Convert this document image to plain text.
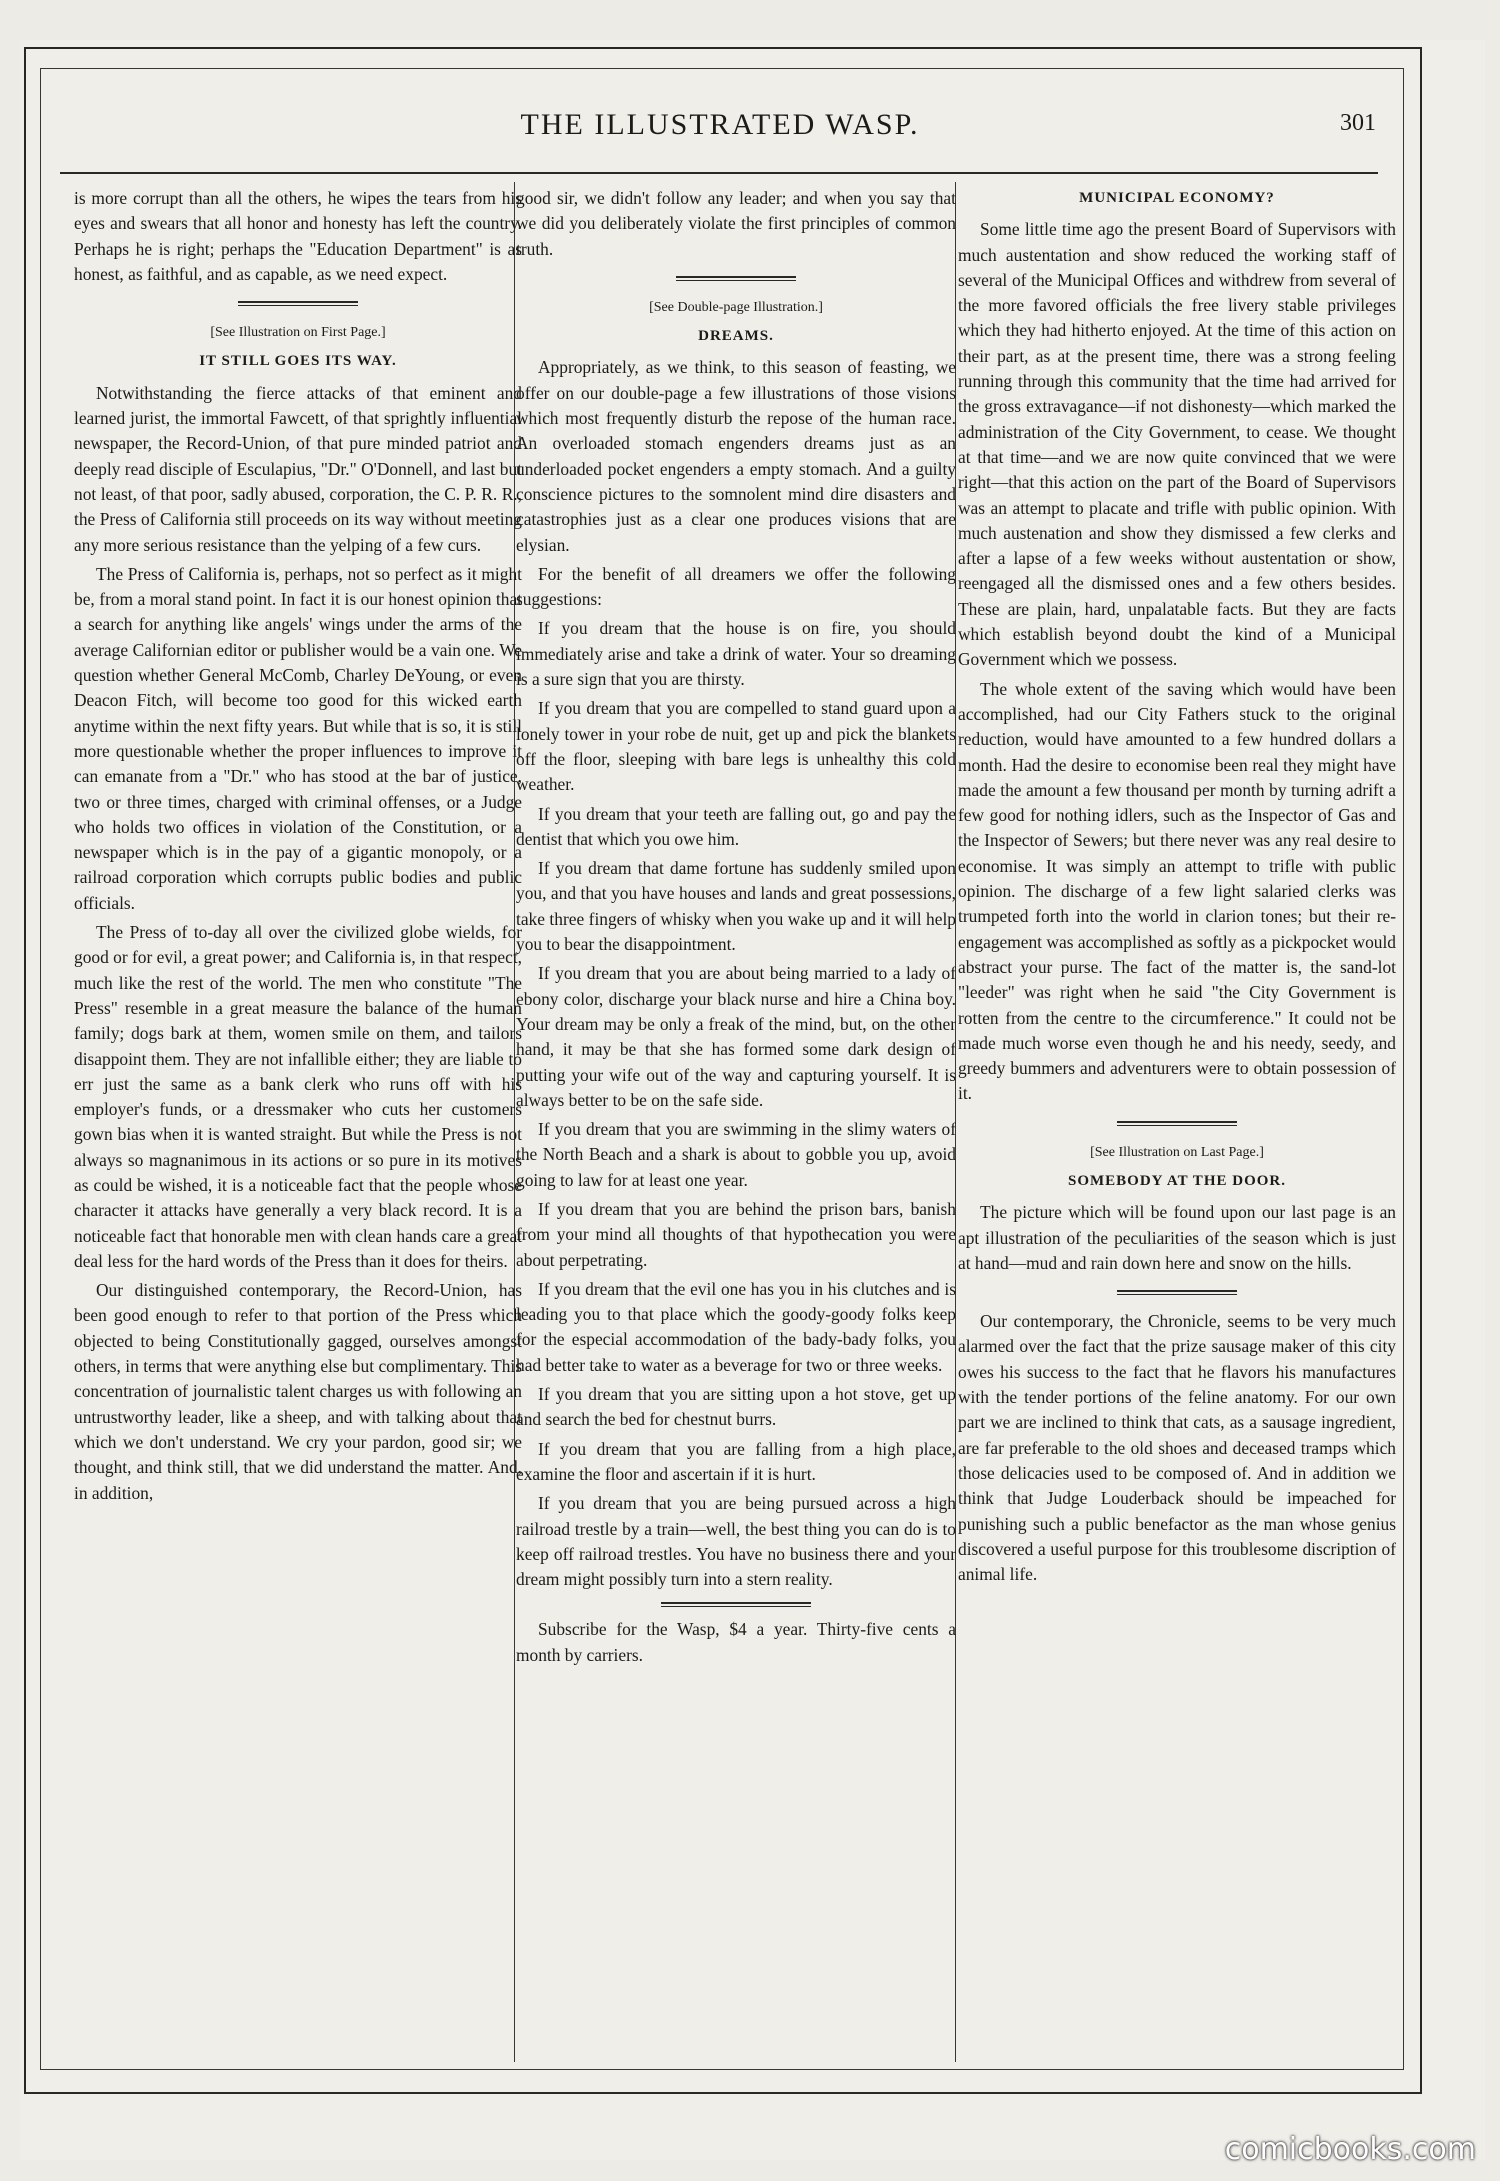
THE ILLUSTRATED WASP.	301

is more corrupt than all the others, he wipes the tears from his eyes and swears that all honor and honesty has left the country. Perhaps he is right; perhaps the "Education Department" is as honest, as faithful, and as capable, as we need expect.

[See Illustration on First Page.]
IT STILL GOES ITS WAY.

Notwithstanding the fierce attacks of that eminent and learned jurist, the immortal Fawcett, of that sprightly influential newspaper, the Record-Union, of that pure minded patriot and deeply read disciple of Esculapius, "Dr." O'Donnell, and last but not least, of that poor, sadly abused, corporation, the C. P. R. R., the Press of California still proceeds on its way without meeting any more serious resistance than the yelping of a few curs.

The Press of California is, perhaps, not so perfect as it might be, from a moral stand point. In fact it is our honest opinion that a search for anything like angels' wings under the arms of the average Californian editor or publisher would be a vain one. We question whether General McComb, Charley DeYoung, or even Deacon Fitch, will become too good for this wicked earth anytime within the next fifty years. But while that is so, it is still more questionable whether the proper influences to improve it can emanate from a "Dr." who has stood at the bar of justice, two or three times, charged with criminal offenses, or a Judge who holds two offices in violation of the Constitution, or a newspaper which is in the pay of a gigantic monopoly, or a railroad corporation which corrupts public bodies and public officials.

The Press of to-day all over the civilized globe wields, for good or for evil, a great power; and California is, in that respect, much like the rest of the world. The men who constitute "The Press" resemble in a great measure the balance of the human family; dogs bark at them, women smile on them, and tailors disappoint them. They are not infallible either; they are liable to err just the same as a bank clerk who runs off with his employer's funds, or a dressmaker who cuts her customers gown bias when it is wanted straight. But while the Press is not always so magnanimous in its actions or so pure in its motives as could be wished, it is a noticeable fact that the people whose character it attacks have generally a very black record. It is a noticeable fact that honorable men with clean hands care a great deal less for the hard words of the Press than it does for theirs.

Our distinguished contemporary, the Record-Union, has been good enough to refer to that portion of the Press which objected to being Constitutionally gagged, ourselves amongst others, in terms that were anything else but complimentary. This concentration of journalistic talent charges us with following an untrustworthy leader, like a sheep, and with talking about that which we don't understand. We cry your pardon, good sir; we thought, and think still, that we did understand the matter. And, in addition,

good sir, we didn't follow any leader; and when you say that we did you deliberately violate the first principles of common truth.

[See Double-page Illustration.]
DREAMS.

Appropriately, as we think, to this season of feasting, we offer on our double-page a few illustrations of those visions which most frequently disturb the repose of the human race. An overloaded stomach engenders dreams just as an underloaded pocket engenders a empty stomach. And a guilty conscience pictures to the somnolent mind dire disasters and catastrophies just as a clear one produces visions that are elysian.

For the benefit of all dreamers we offer the following suggestions:

If you dream that the house is on fire, you should immediately arise and take a drink of water. Your so dreaming is a sure sign that you are thirsty.

If you dream that you are compelled to stand guard upon a lonely tower in your robe de nuit, get up and pick the blankets off the floor, sleeping with bare legs is unhealthy this cold weather.

If you dream that your teeth are falling out, go and pay the dentist that which you owe him.

If you dream that dame fortune has suddenly smiled upon you, and that you have houses and lands and great possessions, take three fingers of whisky when you wake up and it will help you to bear the disappointment.

If you dream that you are about being married to a lady of ebony color, discharge your black nurse and hire a China boy. Your dream may be only a freak of the mind, but, on the other hand, it may be that she has formed some dark design of putting your wife out of the way and capturing yourself. It is always better to be on the safe side.

If you dream that you are swimming in the slimy waters of the North Beach and a shark is about to gobble you up, avoid going to law for at least one year.

If you dream that you are behind the prison bars, banish from your mind all thoughts of that hypothecation you were about perpetrating.

If you dream that the evil one has you in his clutches and is leading you to that place which the goody-goody folks keep for the especial accommodation of the bady-bady folks, you had better take to water as a beverage for two or three weeks.

If you dream that you are sitting upon a hot stove, get up and search the bed for chestnut burrs.

If you dream that you are falling from a high place, examine the floor and ascertain if it is hurt.

If you dream that you are being pursued across a high railroad trestle by a train—well, the best thing you can do is to keep off railroad trestles. You have no business there and your dream might possibly turn into a stern reality.

Subscribe for the Wasp, $4 a year. Thirty-five cents a month by carriers.

MUNICIPAL ECONOMY?

Some little time ago the present Board of Supervisors with much austentation and show reduced the working staff of several of the Municipal Offices and withdrew from several of the more favored officials the free livery stable privileges which they had hitherto enjoyed. At the time of this action on their part, as at the present time, there was a strong feeling running through this community that the time had arrived for the gross extravagance—if not dishonesty—which marked the administration of the City Government, to cease. We thought at that time—and we are now quite convinced that we were right—that this action on the part of the Board of Supervisors was an attempt to placate and trifle with public opinion. With much austenation and show they dismissed a few clerks and after a lapse of a few weeks without austentation or show, reengaged all the dismissed ones and a few others besides. These are plain, hard, unpalatable facts. But they are facts which establish beyond doubt the kind of a Municipal Government which we possess.

The whole extent of the saving which would have been accomplished, had our City Fathers stuck to the original reduction, would have amounted to a few hundred dollars a month. Had the desire to economise been real they might have made the amount a few thousand per month by turning adrift a few good for nothing idlers, such as the Inspector of Gas and the Inspector of Sewers; but there never was any real desire to economise. It was simply an attempt to trifle with public opinion. The discharge of a few light salaried clerks was trumpeted forth into the world in clarion tones; but their re-engagement was accomplished as softly as a pickpocket would abstract your purse. The fact of the matter is, the sand-lot "leeder" was right when he said "the City Government is rotten from the centre to the circumference." It could not be made much worse even though he and his needy, seedy, and greedy bummers and adventurers were to obtain possession of it.

[See Illustration on Last Page.]
SOMEBODY AT THE DOOR.

The picture which will be found upon our last page is an apt illustration of the peculiarities of the season which is just at hand—mud and rain down here and snow on the hills.

Our contemporary, the Chronicle, seems to be very much alarmed over the fact that the prize sausage maker of this city owes his success to the fact that he flavors his manufactures with the tender portions of the feline anatomy. For our own part we are inclined to think that cats, as a sausage ingredient, are far preferable to the old shoes and deceased tramps which those delicacies used to be composed of. And in addition we think that Judge Louderback should be impeached for punishing such a public benefactor as the man whose genius discovered a useful purpose for this troublesome discription of animal life.

comicbooks.com
